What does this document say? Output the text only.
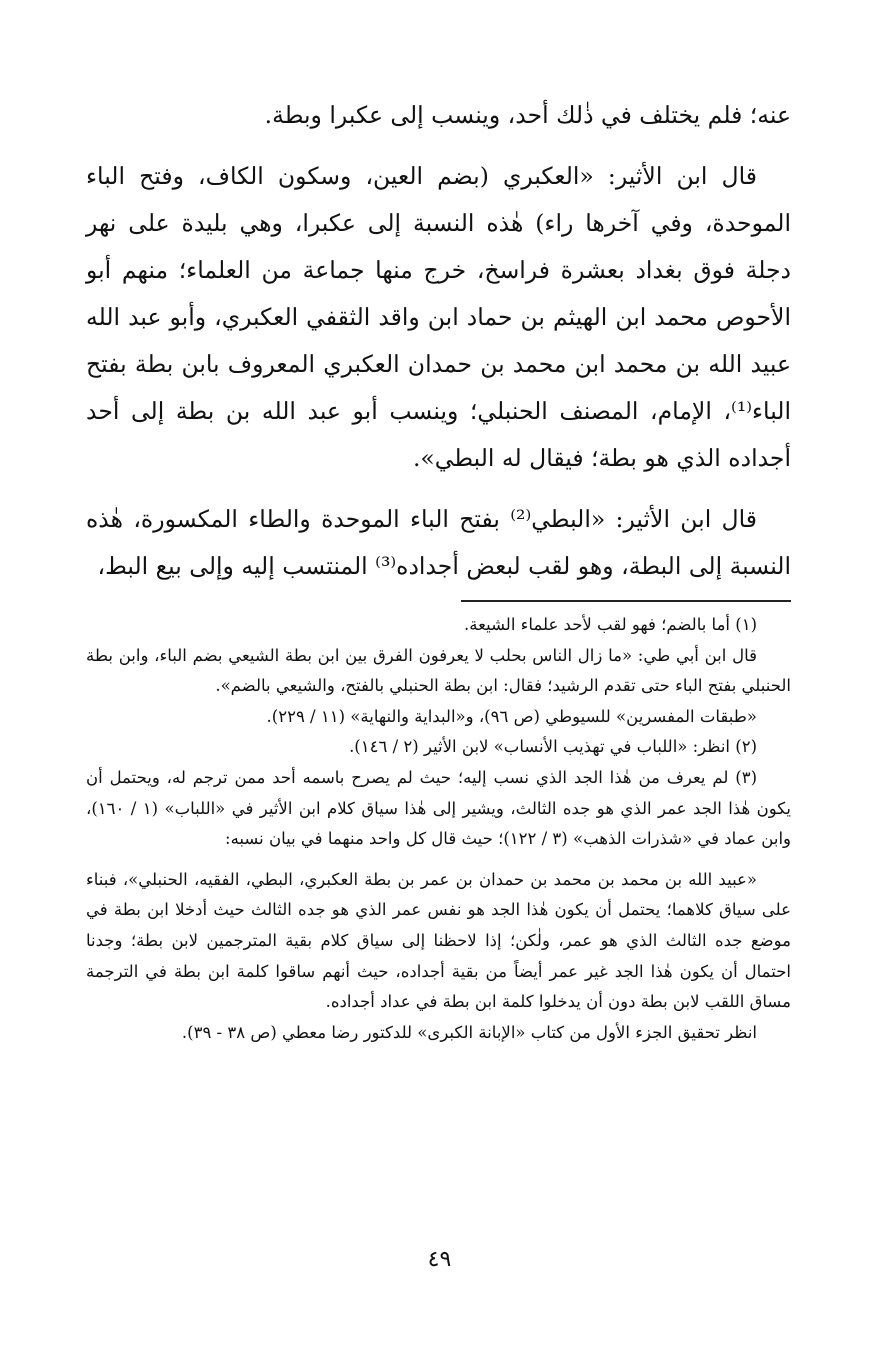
عنه؛ فلم يختلف في ذٰلك أحد، وينسب إلى عكبرا وبطة.

قال ابن الأثير: «العكبري (بضم العين، وسكون الكاف، وفتح الباء الموحدة، وفي آخرها راء) هٰذه النسبة إلى عكبرا، وهي بليدة على نهر دجلة فوق بغداد بعشرة فراسخ، خرج منها جماعة من العلماء؛ منهم أبو الأحوص محمد ابن الهيثم بن حماد ابن واقد الثقفي العكبري، وأبو عبد الله عبيد الله بن محمد ابن محمد بن حمدان العكبري المعروف بابن بطة بفتح الباء⁽¹⁾، الإمام، المصنف الحنبلي؛ وينسب أبو عبد الله بن بطة إلى أحد أجداده الذي هو بطة؛ فيقال له البطي».

قال ابن الأثير: «البطي⁽²⁾ بفتح الباء الموحدة والطاء المكسورة، هٰذه النسبة إلى البطة، وهو لقب لبعض أجداده⁽³⁾ المنتسب إليه وإلى بيع البط،

(١) أما بالضم؛ فهو لقب لأحد علماء الشيعة.

قال ابن أبي طي: «ما زال الناس بحلب لا يعرفون الفرق بين ابن بطة الشيعي بضم الباء، وابن بطة الحنبلي بفتح الباء حتى تقدم الرشيد؛ فقال: ابن بطة الحنبلي بالفتح، والشيعي بالضم».

«طبقات المفسرين» للسيوطي (ص ٩٦)، و«البداية والنهاية» (١١ / ٢٢٩).

(٢) انظر: «اللباب في تهذيب الأنساب» لابن الأثير (٢ / ١٤٦).

(٣) لم يعرف من هٰذا الجد الذي نسب إليه؛ حيث لم يصرح باسمه أحد ممن ترجم له، ويحتمل أن يكون هٰذا الجد عمر الذي هو جده الثالث، ويشير إلى هٰذا سياق كلام ابن الأثير في «اللباب» (١ / ١٦٠)، وابن عماد في «شذرات الذهب» (٣ / ١٢٢)؛ حيث قال كل واحد منهما في بيان نسبه:

«عبيد الله بن محمد بن محمد بن حمدان بن عمر بن بطة العكبري، البطي، الفقيه، الحنبلي»، فبناء على سياق كلاهما؛ يحتمل أن يكون هٰذا الجد هو نفس عمر الذي هو جده الثالث حيث أدخلا ابن بطة في موضع جده الثالث الذي هو عمر، ولٰكن؛ إذا لاحظنا إلى سياق كلام بقية المترجمين لابن بطة؛ وجدنا احتمال أن يكون هٰذا الجد غير عمر أيضاً من بقية أجداده، حيث أنهم ساقوا كلمة ابن بطة في الترجمة مساق اللقب لابن بطة دون أن يدخلوا كلمة ابن بطة في عداد أجداده.

انظر تحقيق الجزء الأول من كتاب «الإبانة الكبرى» للدكتور رضا معطي (ص ٣٨ - ٣٩).

٤٩
